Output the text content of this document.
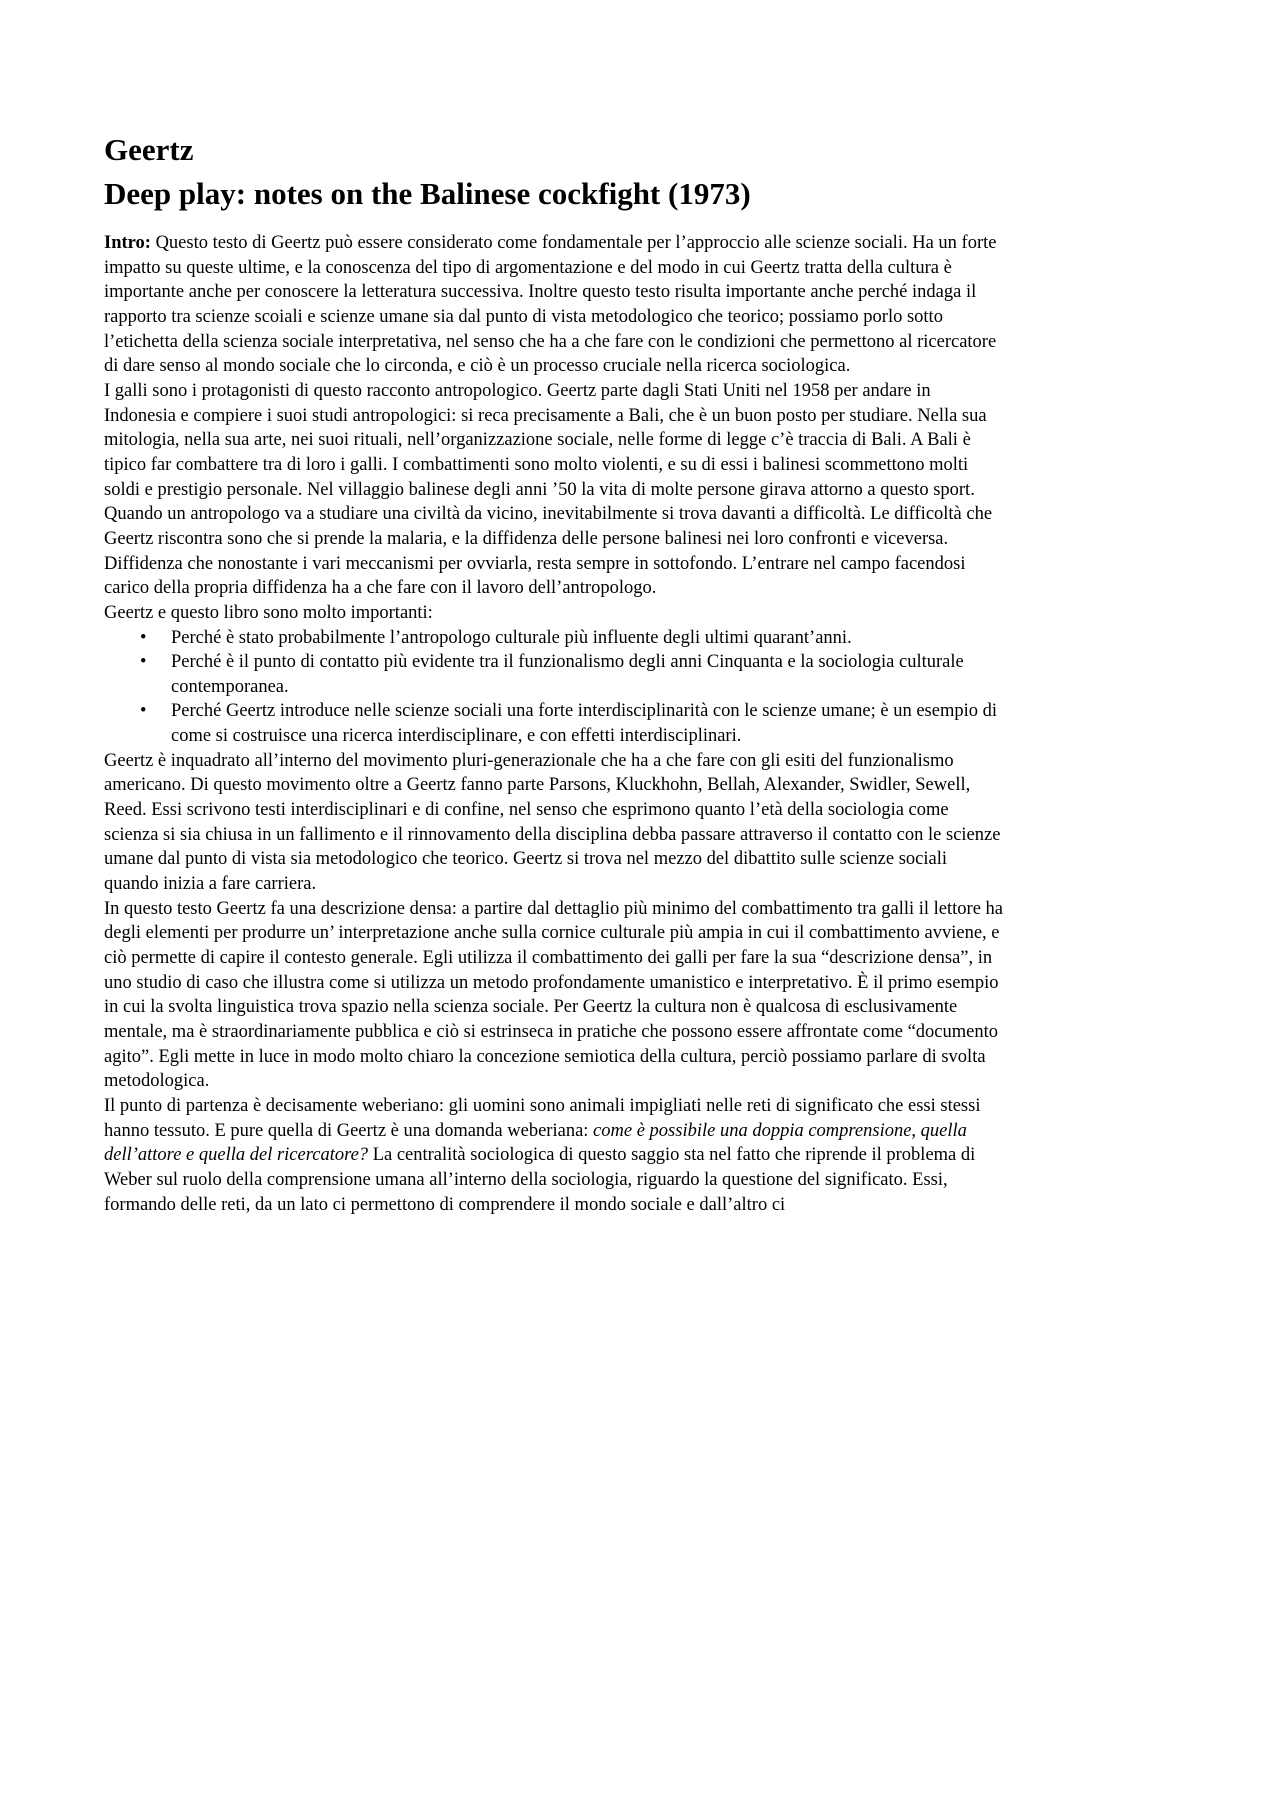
Geertz
Deep play: notes on the Balinese cockfight (1973)

Intro: Questo testo di Geertz può essere considerato come fondamentale per l’approccio alle scienze sociali. Ha un forte impatto su queste ultime, e la conoscenza del tipo di argomentazione e del modo in cui Geertz tratta della cultura è importante anche per conoscere la letteratura successiva. Inoltre questo testo risulta importante anche perché indaga il rapporto tra scienze scoiali e scienze umane sia dal punto di vista metodologico che teorico; possiamo porlo sotto l’etichetta della scienza sociale interpretativa, nel senso che ha a che fare con le condizioni che permettono al ricercatore di dare senso al mondo sociale che lo circonda, e ciò è un processo cruciale nella ricerca sociologica.

I galli sono i protagonisti di questo racconto antropologico. Geertz parte dagli Stati Uniti nel 1958 per andare in Indonesia e compiere i suoi studi antropologici: si reca precisamente a Bali, che è un buon posto per studiare. Nella sua mitologia, nella sua arte, nei suoi rituali, nell’organizzazione sociale, nelle forme di legge c’è traccia di Bali. A Bali è tipico far combattere tra di loro i galli. I combattimenti sono molto violenti, e su di essi i balinesi scommettono molti soldi e prestigio personale. Nel villaggio balinese degli anni ’50 la vita di molte persone girava attorno a questo sport.

Quando un antropologo va a studiare una civiltà da vicino, inevitabilmente si trova davanti a difficoltà. Le difficoltà che Geertz riscontra sono che si prende la malaria, e la diffidenza delle persone balinesi nei loro confronti e viceversa. Diffidenza che nonostante i vari meccanismi per ovviarla, resta sempre in sottofondo. L’entrare nel campo facendosi carico della propria diffidenza ha a che fare con il lavoro dell’antropologo.

Geertz e questo libro sono molto importanti:

• Perché è stato probabilmente l’antropologo culturale più influente degli ultimi quarant’anni.
• Perché è il punto di contatto più evidente tra il funzionalismo degli anni Cinquanta e la sociologia culturale contemporanea.
• Perché Geertz introduce nelle scienze sociali una forte interdisciplinarità con le scienze umane; è un esempio di come si costruisce una ricerca interdisciplinare, e con effetti interdisciplinari.

Geertz è inquadrato all’interno del movimento pluri-generazionale che ha a che fare con gli esiti del funzionalismo americano. Di questo movimento oltre a Geertz fanno parte Parsons, Kluckhohn, Bellah, Alexander, Swidler, Sewell, Reed. Essi scrivono testi interdisciplinari e di confine, nel senso che esprimono quanto l’età della sociologia come scienza si sia chiusa in un fallimento e il rinnovamento della disciplina debba passare attraverso il contatto con le scienze umane dal punto di vista sia metodologico che teorico. Geertz si trova nel mezzo del dibattito sulle scienze sociali quando inizia a fare carriera.

In questo testo Geertz fa una descrizione densa: a partire dal dettaglio più minimo del combattimento tra galli il lettore ha degli elementi per produrre un’ interpretazione anche sulla cornice culturale più ampia in cui il combattimento avviene, e ciò permette di capire il contesto generale. Egli utilizza il combattimento dei galli per fare la sua “descrizione densa”, in uno studio di caso che illustra come si utilizza un metodo profondamente umanistico e interpretativo. È il primo esempio in cui la svolta linguistica trova spazio nella scienza sociale. Per Geertz la cultura non è qualcosa di esclusivamente mentale, ma è straordinariamente pubblica e ciò si estrinseca in pratiche che possono essere affrontate come “documento agito”. Egli mette in luce in modo molto chiaro la concezione semiotica della cultura, perciò possiamo parlare di svolta metodologica.

Il punto di partenza è decisamente weberiano: gli uomini sono animali impigliati nelle reti di significato che essi stessi hanno tessuto. E pure quella di Geertz è una domanda weberiana: come è possibile una doppia comprensione, quella dell’attore e quella del ricercatore? La centralità sociologica di questo saggio sta nel fatto che riprende il problema di Weber sul ruolo della comprensione umana all’interno della sociologia, riguardo la questione del significato. Essi, formando delle reti, da un lato ci permettono di comprendere il mondo sociale e dall’altro ci
